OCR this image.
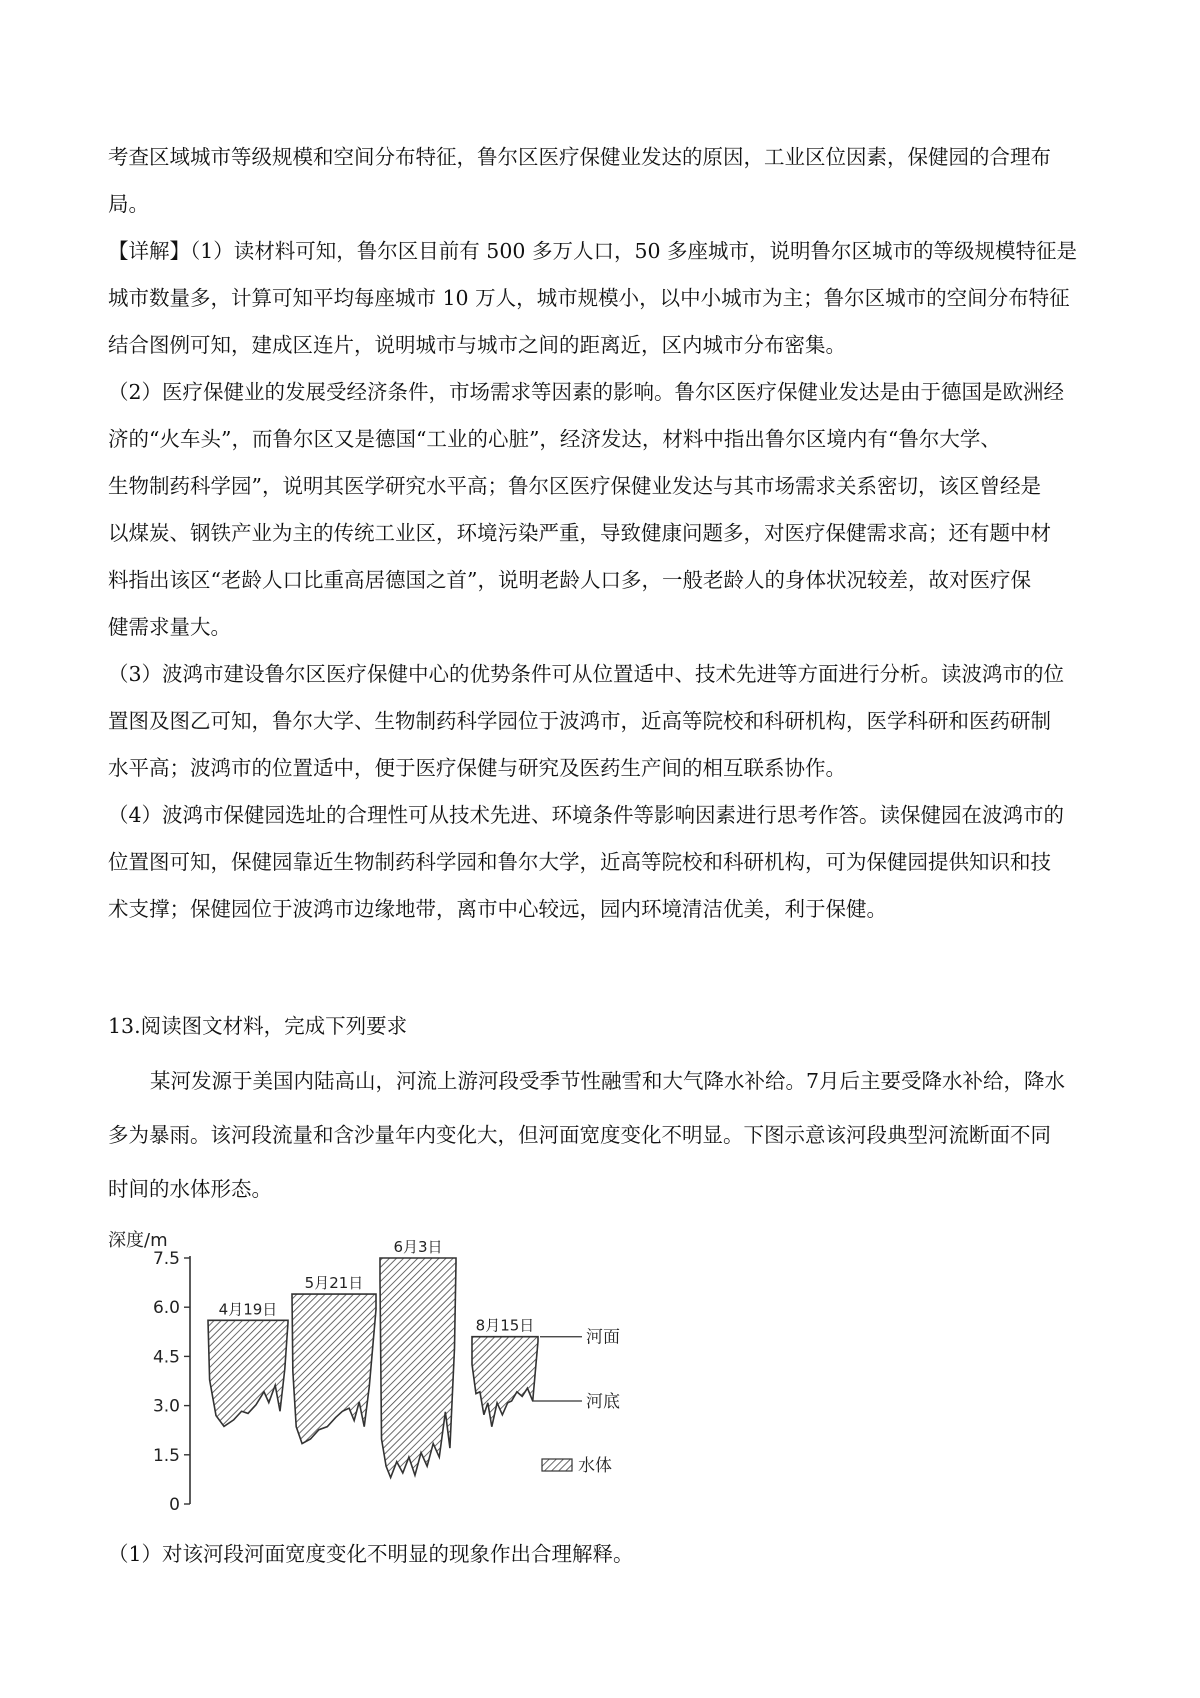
考查区域城市等级规模和空间分布特征，鲁尔区医疗保健业发达的原因，工业区位因素，保健园的合理布
局。
【详解】（1）读材料可知，鲁尔区目前有 500 多万人口，50 多座城市，说明鲁尔区城市的等级规模特征是
城市数量多，计算可知平均每座城市 10 万人，城市规模小，以中小城市为主；鲁尔区城市的空间分布特征
结合图例可知，建成区连片，说明城市与城市之间的距离近，区内城市分布密集。
（2）医疗保健业的发展受经济条件，市场需求等因素的影响。鲁尔区医疗保健业发达是由于德国是欧洲经
济的“火车头”，而鲁尔区又是德国“工业的心脏”，经济发达，材料中指出鲁尔区境内有“鲁尔大学、
生物制药科学园”，说明其医学研究水平高；鲁尔区医疗保健业发达与其市场需求关系密切，该区曾经是
以煤炭、钢铁产业为主的传统工业区，环境污染严重，导致健康问题多，对医疗保健需求高；还有题中材
料指出该区“老龄人口比重高居德国之首”，说明老龄人口多，一般老龄人的身体状况较差，故对医疗保
健需求量大。
（3）波鸿市建设鲁尔区医疗保健中心的优势条件可从位置适中、技术先进等方面进行分析。读波鸿市的位
置图及图乙可知，鲁尔大学、生物制药科学园位于波鸿市，近高等院校和科研机构，医学科研和医药研制
水平高；波鸿市的位置适中，便于医疗保健与研究及医药生产间的相互联系协作。
（4）波鸿市保健园选址的合理性可从技术先进、环境条件等影响因素进行思考作答。读保健园在波鸿市的
位置图可知，保健园靠近生物制药科学园和鲁尔大学，近高等院校和科研机构，可为保健园提供知识和技
术支撑；保健园位于波鸿市边缘地带，离市中心较远，园内环境清洁优美，利于保健。
13.阅读图文材料，完成下列要求
某河发源于美国内陆高山，河流上游河段受季节性融雪和大气降水补给。7月后主要受降水补给，降水
多为暴雨。该河段流量和含沙量年内变化大，但河面宽度变化不明显。下图示意该河段典型河流断面不同
时间的水体形态。
（1）对该河段河面宽度变化不明显的现象作出合理解释。
深度/m
0
1.5
3.0
4.5
6.0
7.5
4月19日
5月21日
6月3日
8月15日
河面
河底
水体
